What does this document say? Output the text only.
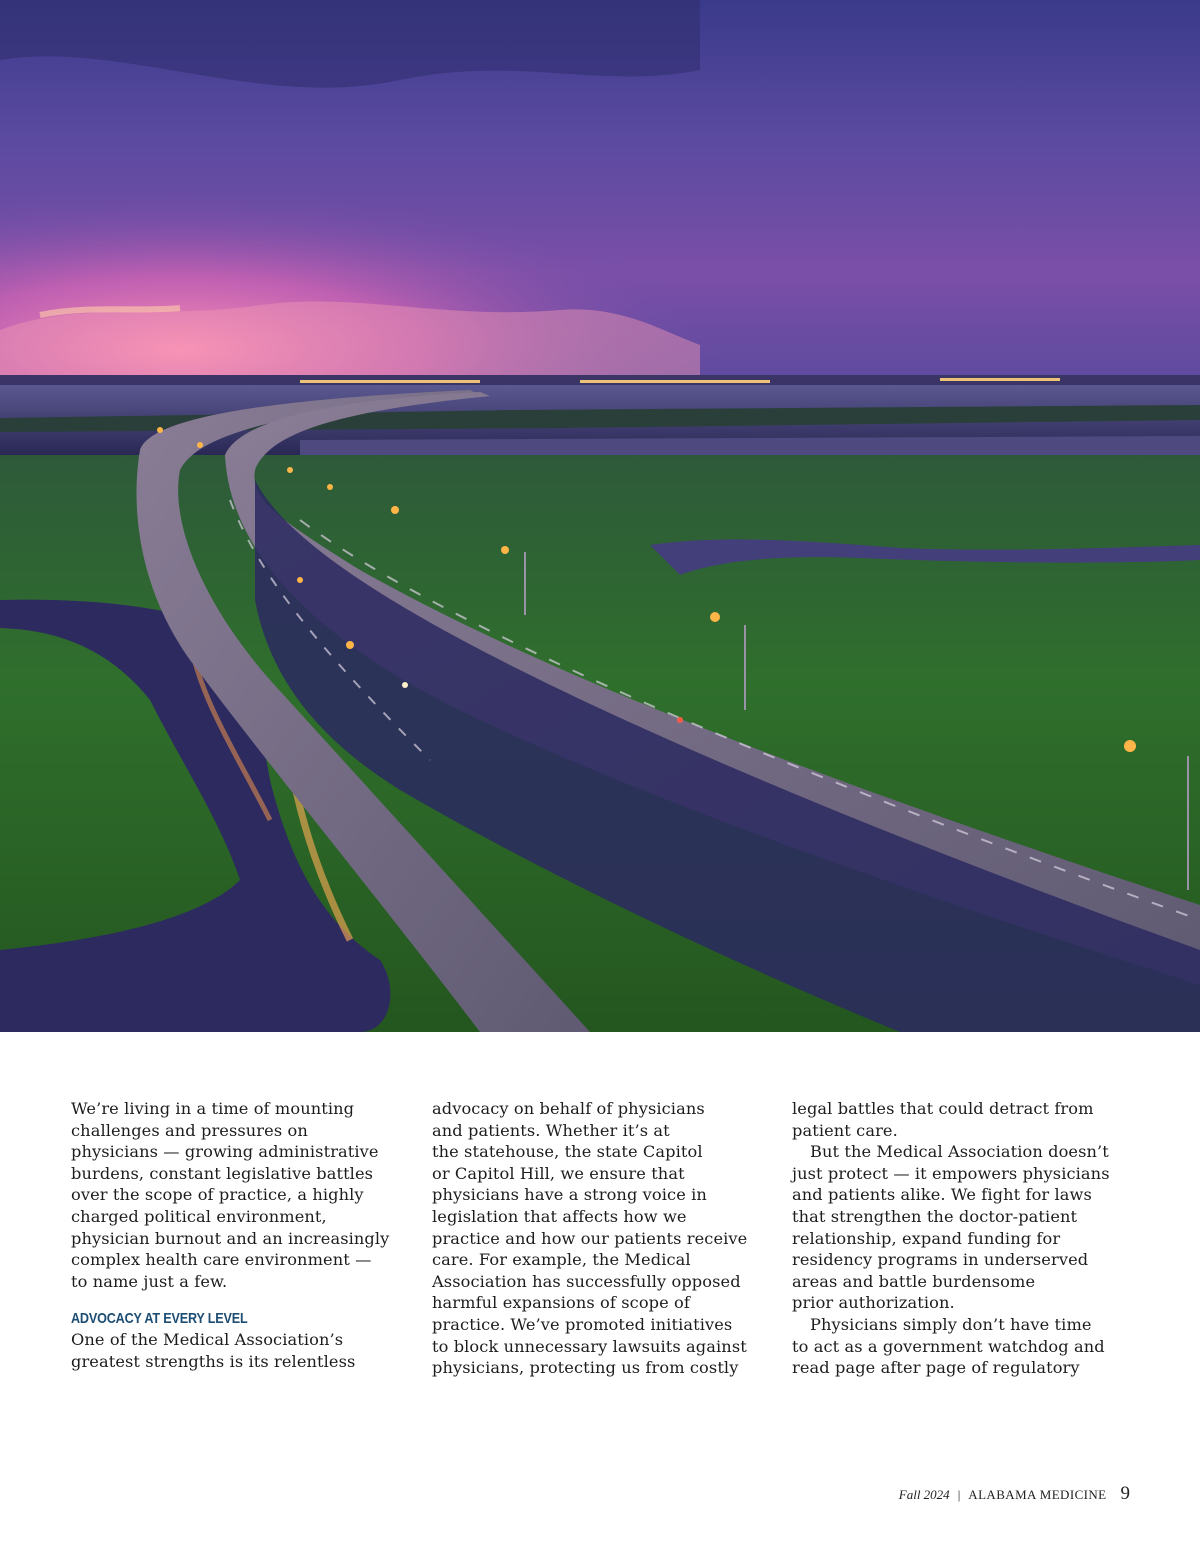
We’re living in a time of mounting
challenges and pressures on
physicians — growing administrative
burdens, constant legislative battles
over the scope of practice, a highly
charged political environment,
physician burnout and an increasingly
complex health care environment —
to name just a few.

ADVOCACY AT EVERY LEVEL

One of the Medical Association’s
greatest strengths is its relentless

advocacy on behalf of physicians
and patients. Whether it’s at
the statehouse, the state Capitol
or Capitol Hill, we ensure that
physicians have a strong voice in
legislation that affects how we
practice and how our patients receive
care. For example, the Medical
Association has successfully opposed
harmful expansions of scope of
practice. We’ve promoted initiatives
to block unnecessary lawsuits against
physicians, protecting us from costly

legal battles that could detract from
patient care.

But the Medical Association doesn’t
just protect — it empowers physicians
and patients alike. We fight for laws
that strengthen the doctor-patient
relationship, expand funding for
residency programs in underserved
areas and battle burdensome
prior authorization.

Physicians simply don’t have time
to act as a government watchdog and
read page after page of regulatory

Fall 2024 | ALABAMA MEDICINE 9
